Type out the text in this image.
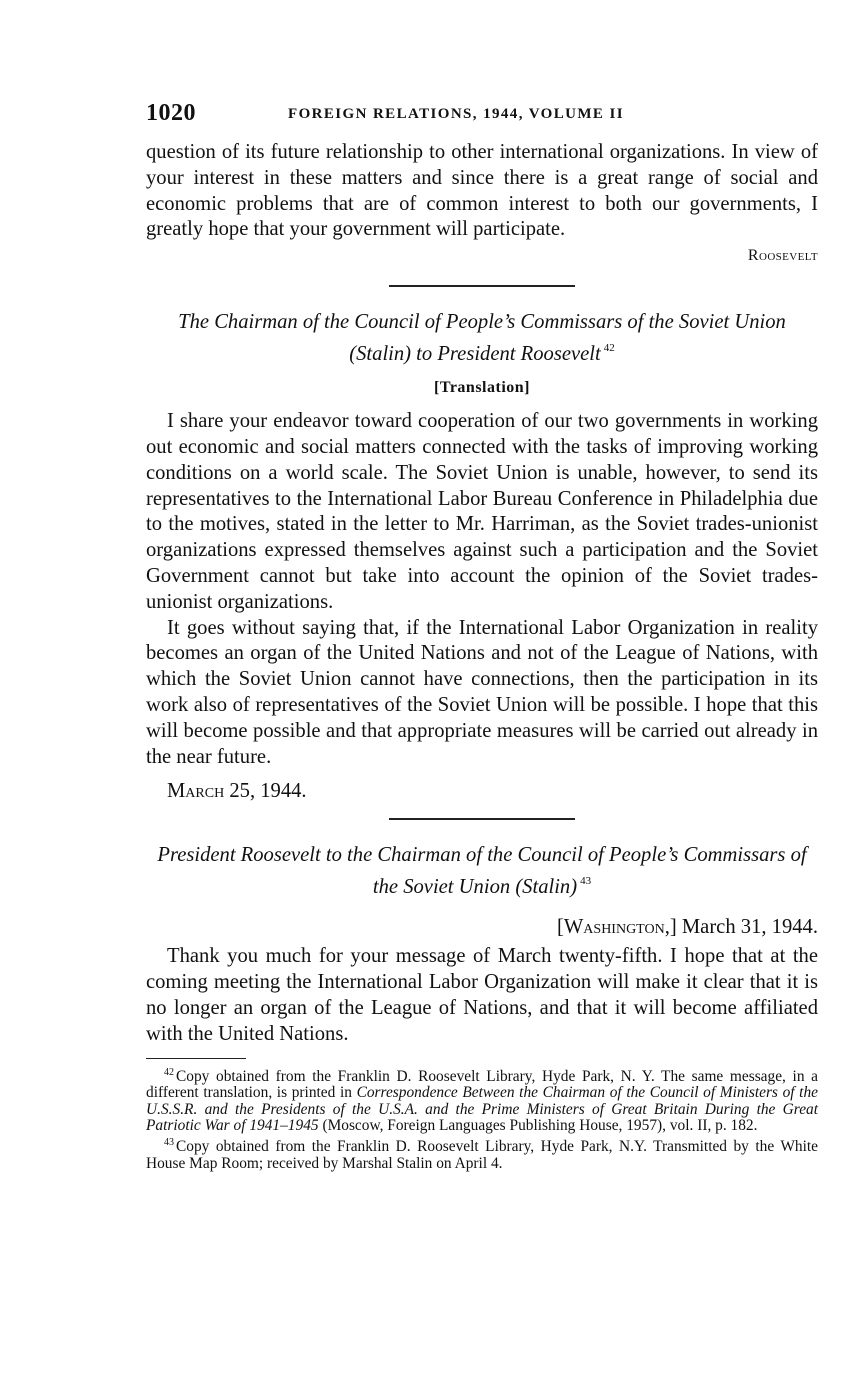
1020	FOREIGN RELATIONS, 1944, VOLUME II

question of its future relationship to other international organizations. In view of your interest in these matters and since there is a great range of social and economic problems that are of common interest to both our governments, I greatly hope that your government will participate.

Roosevelt

The Chairman of the Council of People’s Commissars of the Soviet Union (Stalin) to President Roosevelt $^{42}$

[Translation]

I share your endeavor toward cooperation of our two governments in working out economic and social matters connected with the tasks of improving working conditions on a world scale. The Soviet Union is unable, however, to send its representatives to the International Labor Bureau Conference in Philadelphia due to the motives, stated in the letter to Mr. Harriman, as the Soviet trades-unionist organizations expressed themselves against such a participation and the Soviet Government cannot but take into account the opinion of the Soviet trades-unionist organizations.

It goes without saying that, if the International Labor Organization in reality becomes an organ of the United Nations and not of the League of Nations, with which the Soviet Union cannot have connections, then the participation in its work also of representatives of the Soviet Union will be possible. I hope that this will become possible and that appropriate measures will be carried out already in the near future.

March 25, 1944.

President Roosevelt to the Chairman of the Council of People’s Commissars of the Soviet Union (Stalin) $^{43}$

[Washington,] March 31, 1944.

Thank you much for your message of March twenty-fifth. I hope that at the coming meeting the International Labor Organization will make it clear that it is no longer an organ of the League of Nations, and that it will become affiliated with the United Nations.

$^{42}$ Copy obtained from the Franklin D. Roosevelt Library, Hyde Park, N. Y. The same message, in a different translation, is printed in Correspondence Between the Chairman of the Council of Ministers of the U.S.S.R. and the Presidents of the U.S.A. and the Prime Ministers of Great Britain During the Great Patriotic War of 1941–1945 (Moscow, Foreign Languages Publishing House, 1957), vol. II, p. 182.

$^{43}$ Copy obtained from the Franklin D. Roosevelt Library, Hyde Park, N.Y. Transmitted by the White House Map Room; received by Marshal Stalin on April 4.
